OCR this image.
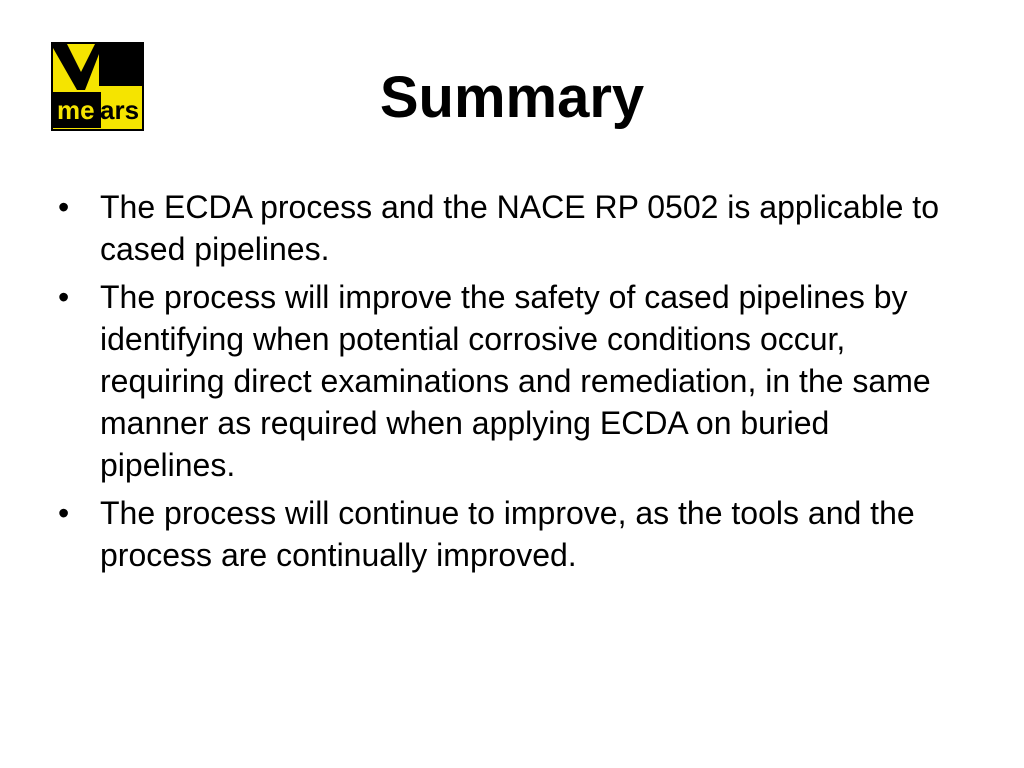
me ars	Summary
• The ECDA process and the NACE RP 0502 is applicable to cased pipelines.
• The process will improve the safety of cased pipelines by identifying when potential corrosive conditions occur, requiring direct examinations and remediation, in the same manner as required when applying ECDA on buried pipelines.
• The process will continue to improve, as the tools and the process are continually improved.
